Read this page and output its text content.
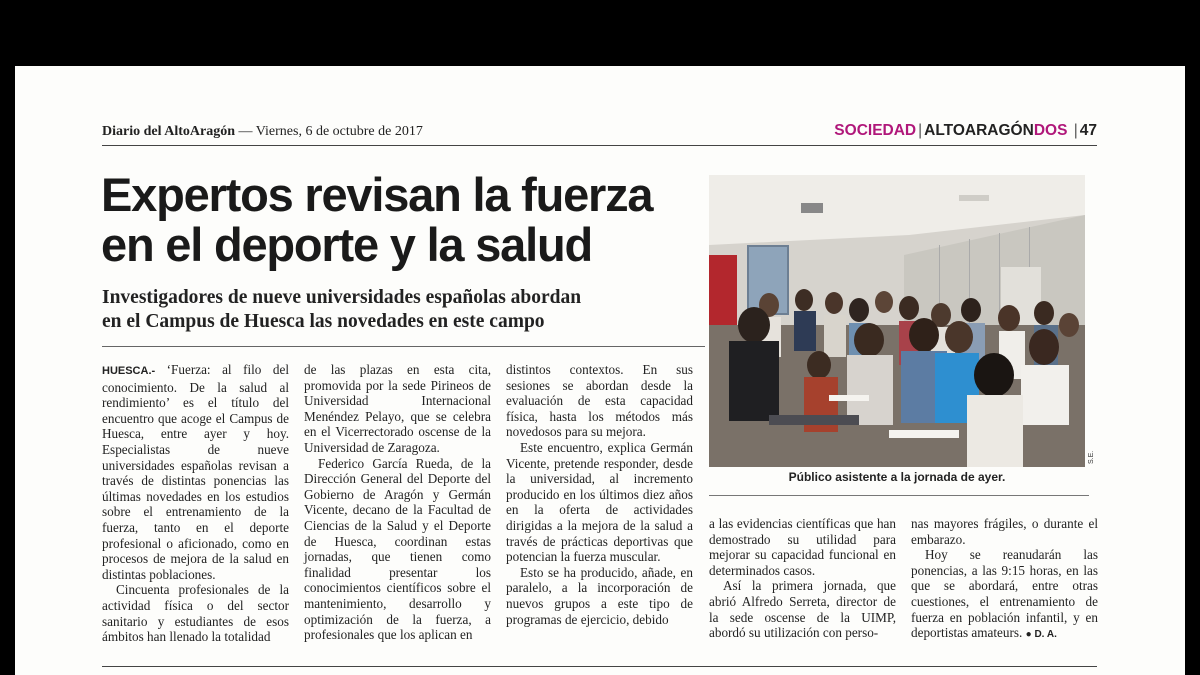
Diario del AltoAragón — Viernes, 6 de octubre de 2017	SOCIEDAD | ALTOARAGÓNDOS | 47
Expertos revisan la fuerza
en el deporte y la salud
Investigadores de nueve universidades españolas abordan
en el Campus de Huesca las novedades en este campo
S.E.
Público asistente a la jornada de ayer.

HUESCA.- ‘Fuerza: al filo del conocimiento. De la salud al rendimiento’ es el título del encuentro que acoge el Campus de Huesca, entre ayer y hoy. Especialistas de nueve universidades españolas revisan a través de distintas ponencias las últimas novedades en los estudios sobre el entrenamiento de la fuerza, tanto en el deporte profesional o aficionado, como en procesos de mejora de la salud en distintas poblaciones.

Cincuenta profesionales de la actividad física o del sector sanitario y estudiantes de esos ámbitos han llenado la totalidad

de las plazas en esta cita, promovida por la sede Pirineos de Universidad Internacional Menéndez Pelayo, que se celebra en el Vicerrectorado oscense de la Universidad de Zaragoza.

Federico García Rueda, de la Dirección General del Deporte del Gobierno de Aragón y Germán Vicente, decano de la Facultad de Ciencias de la Salud y el Deporte de Huesca, coordinan estas jornadas, que tienen como finalidad presentar los conocimientos científicos sobre el mantenimiento, desarrollo y optimización de la fuerza, a profesionales que los aplican en

distintos contextos. En sus sesiones se abordan desde la evaluación de esta capacidad física, hasta los métodos más novedosos para su mejora.

Este encuentro, explica Germán Vicente, pretende responder, desde la universidad, al incremento producido en los últimos diez años en la oferta de actividades dirigidas a la mejora de la salud a través de prácticas deportivas que potencian la fuerza muscular.

Esto se ha producido, añade, en paralelo, a la incorporación de nuevos grupos a este tipo de programas de ejercicio, debido

a las evidencias científicas que han demostrado su utilidad para mejorar su capacidad funcional en determinados casos.

Así la primera jornada, que abrió Alfredo Serreta, director de la sede oscense de la UIMP, abordó su utilización con perso-

nas mayores frágiles, o durante el embarazo.

Hoy se reanudarán las ponencias, a las 9:15 horas, en las que se abordará, entre otras cuestiones, el entrenamiento de fuerza en población infantil, y en deportistas amateurs. ● D. A.
